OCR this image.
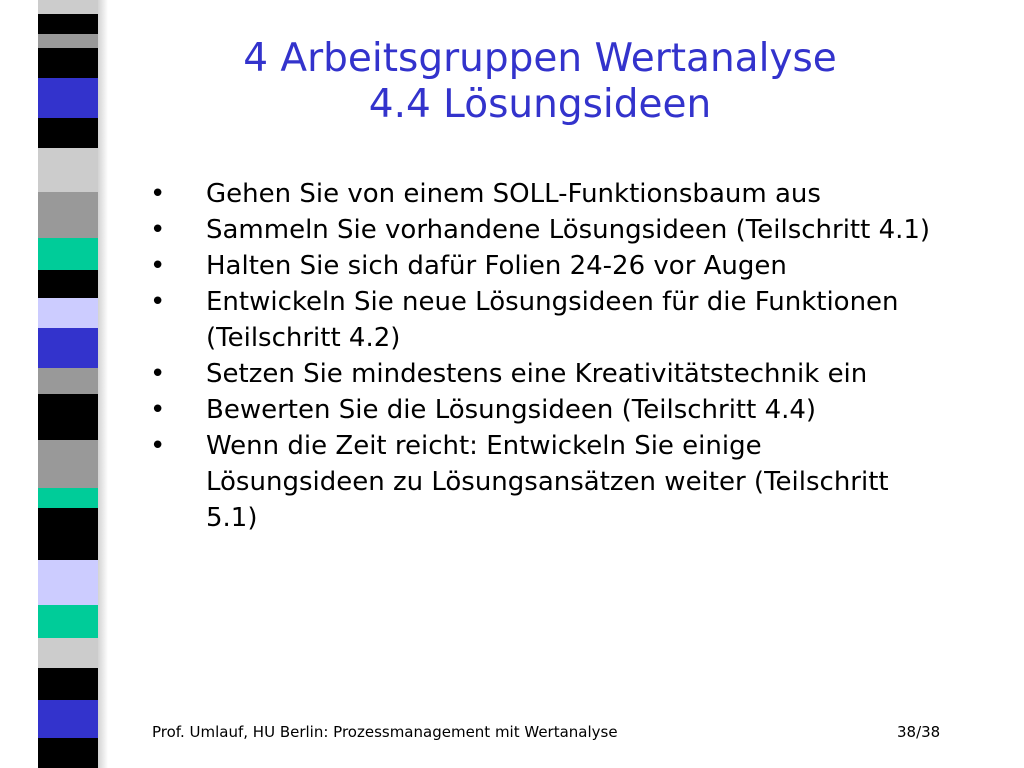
4 Arbeitsgruppen Wertanalyse
4.4 Lösungsideen
• Gehen Sie von einem SOLL-Funktionsbaum aus
• Sammeln Sie vorhandene Lösungsideen (Teilschritt 4.1)
• Halten Sie sich dafür Folien 24-26 vor Augen
• Entwickeln Sie neue Lösungsideen für die Funktionen (Teilschritt 4.2)
• Setzen Sie mindestens eine Kreativitätstechnik ein
• Bewerten Sie die Lösungsideen (Teilschritt 4.4)
• Wenn die Zeit reicht: Entwickeln Sie einige Lösungsideen zu Lösungsansätzen weiter (Teilschritt 5.1)
Prof. Umlauf, HU Berlin: Prozessmanagement mit Wertanalyse	38/38
